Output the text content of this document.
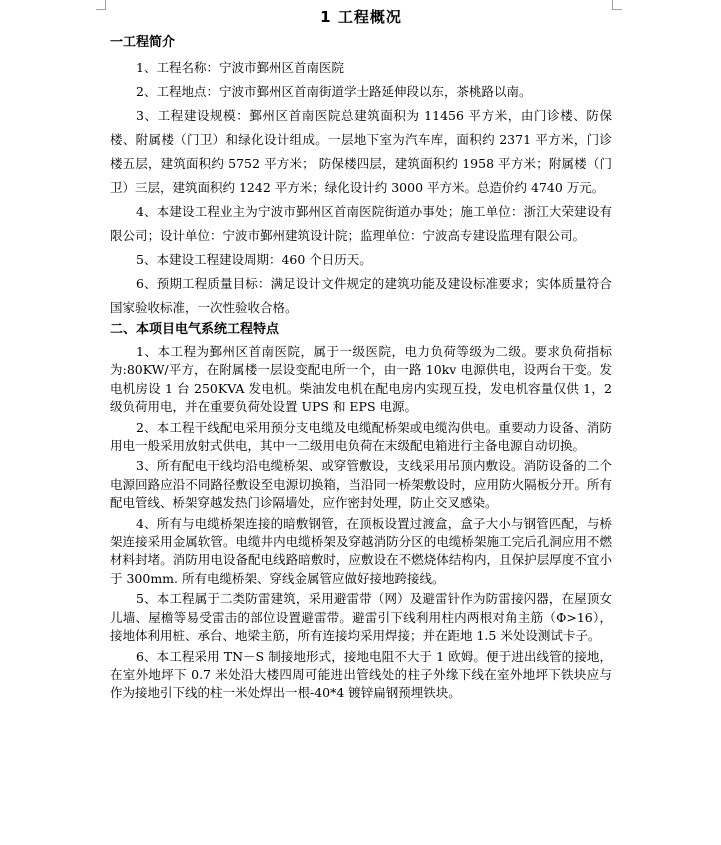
1 工程概况
一工程简介

1、工程名称：宁波市鄞州区首南医院

2、工程地点：宁波市鄞州区首南街道学士路延伸段以东，茶桃路以南。

3、工程建设规模：鄞州区首南医院总建筑面积为 11456 平方米，由门诊楼、防保楼、附属楼（门卫）和绿化设计组成。一层地下室为汽车库，面积约 2371 平方米，门诊楼五层，建筑面积约 5752 平方米； 防保楼四层，建筑面积约 1958 平方米；附属楼（门卫）三层，建筑面积约 1242 平方米；绿化设计约 3000 平方米。总造价约 4740 万元。

4、本建设工程业主为宁波市鄞州区首南医院街道办事处；施工单位：浙江大荣建设有限公司；设计单位：宁波市鄞州建筑设计院；监理单位：宁波高专建设监理有限公司。

5、本建设工程建设周期：460 个日历天。

6、预期工程质量目标：满足设计文件规定的建筑功能及建设标准要求；实体质量符合国家验收标准，一次性验收合格。

二、本项目电气系统工程特点

1、本工程为鄞州区首南医院，属于一级医院，电力负荷等级为二级。要求负荷指标为:80KW/平方，在附属楼一层设变配电所一个，由一路 10kv 电源供电，设两台干变。发电机房设 1 台 250KVA 发电机。柴油发电机在配电房内实现互投，发电机容量仅供 1，2 级负荷用电，并在重要负荷处设置 UPS 和 EPS 电源。

2、本工程干线配电采用预分支电缆及电缆配桥架或电缆沟供电。重要动力设备、消防用电一般采用放射式供电，其中一二级用电负荷在末级配电箱进行主备电源自动切换。

3、所有配电干线均沿电缆桥架、或穿管敷设，支线采用吊顶内敷设。消防设备的二个电源回路应沿不同路径敷设至电源切换箱，当沿同一桥架敷设时，应用防火隔板分开。所有配电管线、桥架穿越发热门诊隔墙处，应作密封处理，防止交叉感染。

4、所有与电缆桥架连接的暗敷钢管，在顶板设置过渡盒，盒子大小与钢管匹配，与桥架连接采用金属软管。电缆井内电缆桥架及穿越消防分区的电缆桥架施工完后孔洞应用不燃材料封堵。消防用电设备配电线路暗敷时，应敷设在不燃烧体结构内，且保护层厚度不宜小于 300mm. 所有电缆桥架、穿线金属管应做好接地跨接线。

5、本工程属于二类防雷建筑，采用避雷带（网）及避雷针作为防雷接闪器，在屋顶女儿墙、屋檐等易受雷击的部位设置避雷带。避雷引下线利用柱内两根对角主筋（Φ>16），接地体利用桩、承台、地梁主筋，所有连接均采用焊接；并在距地 1.5 米处设测试卡子。

6、本工程采用 TN－S 制接地形式，接地电阻不大于 1 欧姆。便于进出线管的接地，在室外地坪下 0.7 米处沿大楼四周可能进出管线处的柱子外缘下线在室外地坪下铁块应与作为接地引下线的柱一米处焊出一根-40*4 镀锌扁钢预埋铁块。
